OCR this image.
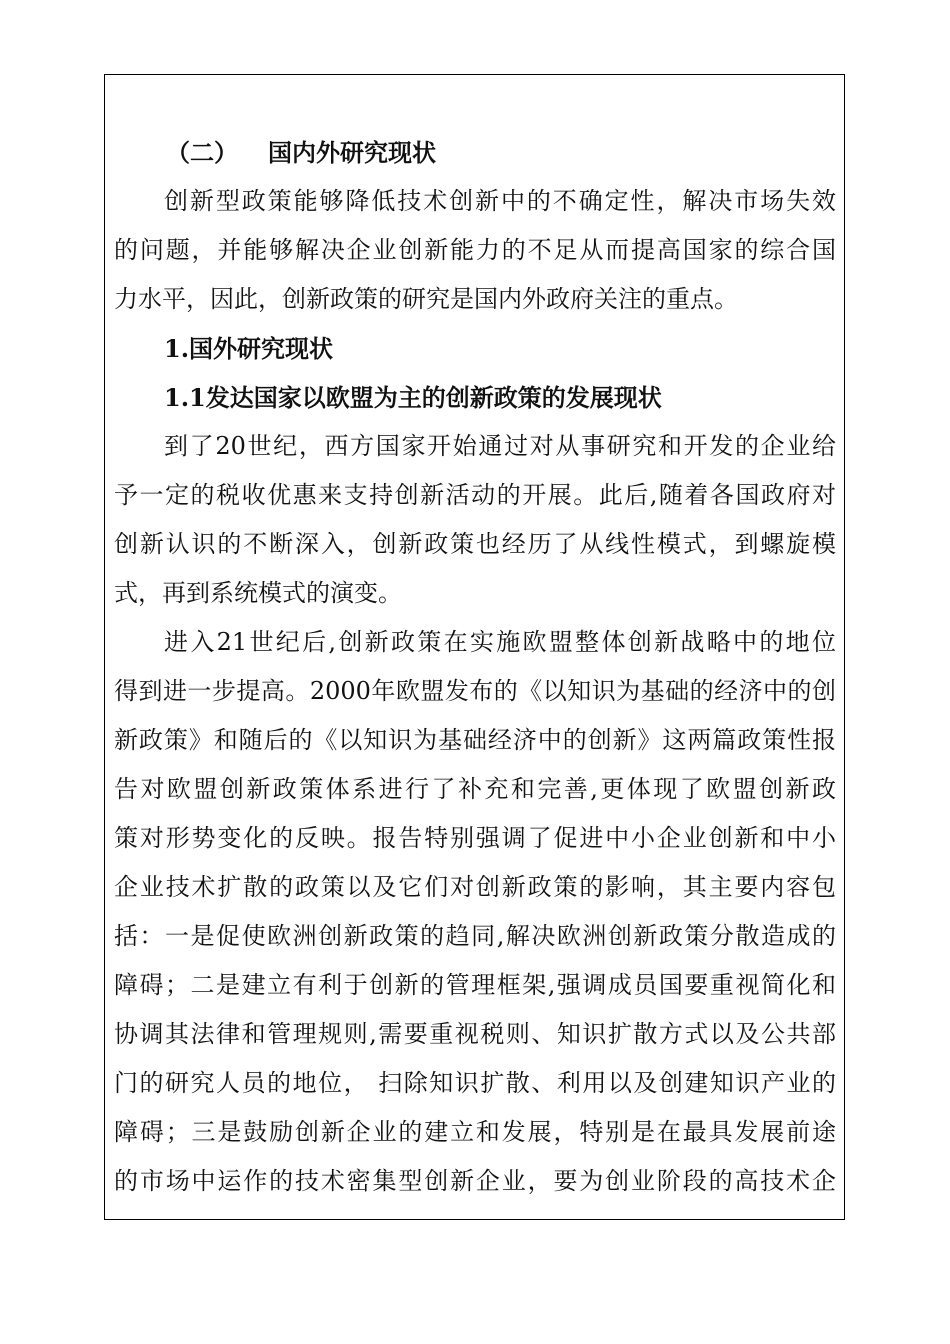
（二） 国内外研究现状
创新型政策能够降低技术创新中的不确定性，解决市场失效
的问题，并能够解决企业创新能力的不足从而提高国家的综合国
力水平，因此，创新政策的研究是国内外政府关注的重点。
1.国外研究现状
1.1发达国家以欧盟为主的创新政策的发展现状
到了20世纪，西方国家开始通过对从事研究和开发的企业给
予一定的税收优惠来支持创新活动的开展。此后,随着各国政府对
创新认识的不断深入，创新政策也经历了从线性模式，到螺旋模
式，再到系统模式的演变。
进入21世纪后,创新政策在实施欧盟整体创新战略中的地位
得到进一步提高。2000年欧盟发布的《以知识为基础的经济中的创
新政策》和随后的《以知识为基础经济中的创新》这两篇政策性报
告对欧盟创新政策体系进行了补充和完善,更体现了欧盟创新政
策对形势变化的反映。报告特别强调了促进中小企业创新和中小
企业技术扩散的政策以及它们对创新政策的影响，其主要内容包
括：一是促使欧洲创新政策的趋同,解决欧洲创新政策分散造成的
障碍；二是建立有利于创新的管理框架,强调成员国要重视简化和
协调其法律和管理规则,需要重视税则、知识扩散方式以及公共部
门的研究人员的地位， 扫除知识扩散、利用以及创建知识产业的
障碍；三是鼓励创新企业的建立和发展，特别是在最具发展前途
的市场中运作的技术密集型创新企业，要为创业阶段的高技术企
